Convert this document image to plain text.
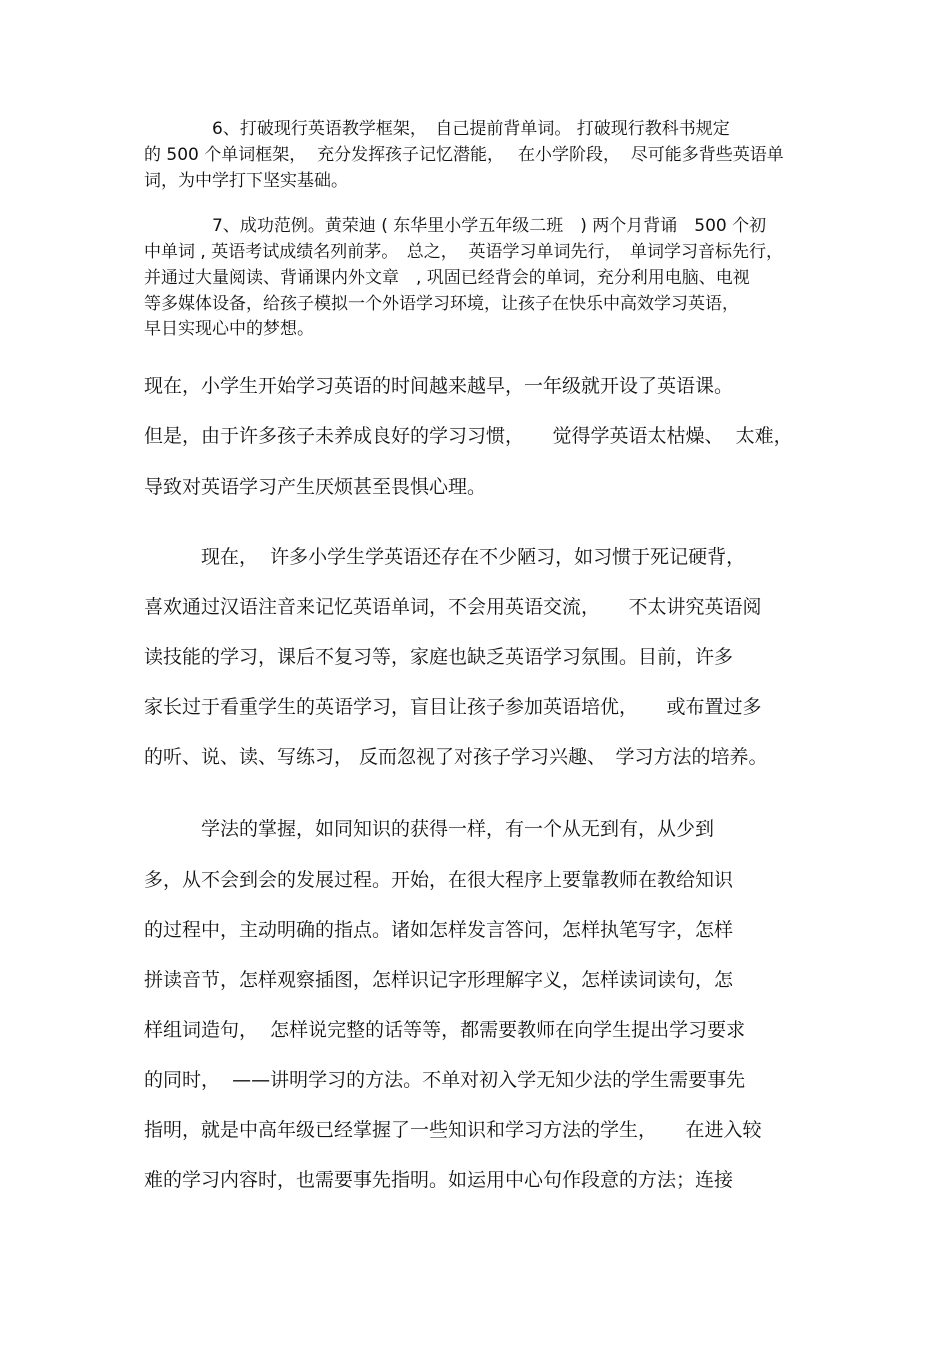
　　　　6、打破现行英语教学框架，　自己提前背单词。 打破现行教科书规定
的 500 个单词框架，  充分发挥孩子记忆潜能，　 在小学阶段，  尽可能多背些英语单
词，为中学打下坚实基础。
　　　　7、成功范例。黄荣迪 ( 东华里小学五年级二班　) 两个月背诵　500 个初
中单词 , 英语考试成绩名列前茅。　总之，  英语学习单词先行，　单词学习音标先行，
并通过大量阅读、背诵课内外文章　, 巩固已经背会的单词，充分利用电脑、电视
等多媒体设备，给孩子模拟一个外语学习环境，让孩子在快乐中高效学习英语，
早日实现心中的梦想。
现在，小学生开始学习英语的时间越来越早，一年级就开设了英语课。
但是，由于许多孩子未养成良好的学习习惯，　　觉得学英语太枯燥、  太难，
导致对英语学习产生厌烦甚至畏惧心理。
　　　现在，  许多小学生学英语还存在不少陋习，如习惯于死记硬背，
喜欢通过汉语注音来记忆英语单词，不会用英语交流，　　不太讲究英语阅
读技能的学习，课后不复习等，家庭也缺乏英语学习氛围。目前，许多
家长过于看重学生的英语学习，盲目让孩子参加英语培优，　　或布置过多
的听、说、读、写练习， 反而忽视了对孩子学习兴趣、　学习方法的培养。
　　　学法的掌握，如同知识的获得一样，有一个从无到有，从少到
多，从不会到会的发展过程。开始，在很大程序上要靠教师在教给知识
的过程中，主动明确的指点。诸如怎样发言答问，怎样执笔写字，怎样
拼读音节，怎样观察插图，怎样识记字形理解字义，怎样读词读句，怎
样组词造句，  怎样说完整的话等等，都需要教师在向学生提出学习要求
的同时，  ——讲明学习的方法。不单对初入学无知少法的学生需要事先
指明，就是中高年级已经掌握了一些知识和学习方法的学生，　　在进入较
难的学习内容时，也需要事先指明。如运用中心句作段意的方法；连接
